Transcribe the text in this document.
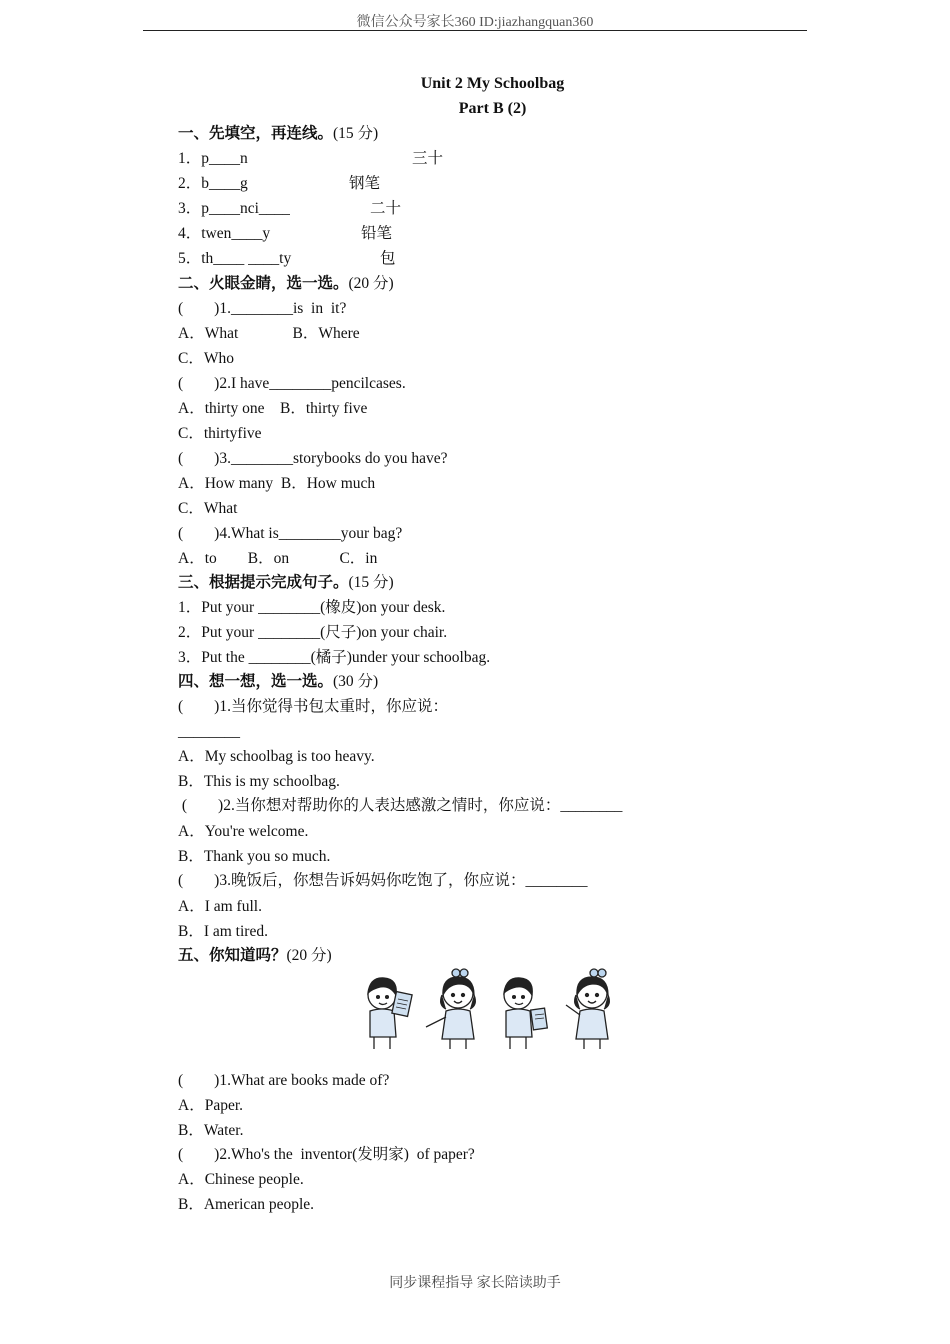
微信公众号家长360 ID:jiazhangquan360
Unit 2 My Schoolbag
Part B (2)
一、先填空，再连线。(15 分)
1．p____n
2．b____g
3．p____nci____
4．twen____y
5．th____ ____ty
三十
钢笔
二十
铅笔
包
二、火眼金睛，选一选。(20 分)
(        )1.________is  in  it?
A．What              B．Where
C．Who
(        )2.I have________pencilcases.
A．thirty one    B．thirty five
C．thirtyfive
(        )3.________storybooks do you have?
A．How many  B．How much
C．What
(        )4.What is________your bag?
A．to        B．on             C．in
三、根据提示完成句子。(15 分)
1．Put your ________(橡皮)on your desk.
2．Put your ________(尺子)on your chair.
3．Put the ________(橘子)under your schoolbag.
四、想一想，选一选。(30 分)
(        )1.当你觉得书包太重时，你应说：
________
A．My schoolbag is too heavy.
B．This is my schoolbag.
(        )2.当你想对帮助你的人表达感激之情时，你应说：________
A．You're welcome.
B．Thank you so much.
(        )3.晚饭后，你想告诉妈妈你吃饱了，你应说：________
A．I am full.
B．I am tired.
五、你知道吗？(20 分)
(        )1.What are books made of?
A．Paper.
B．Water.
(        )2.Who's the  inventor(发明家)  of paper?
A．Chinese people.
B．American people.
同步课程指导 家长陪读助手
